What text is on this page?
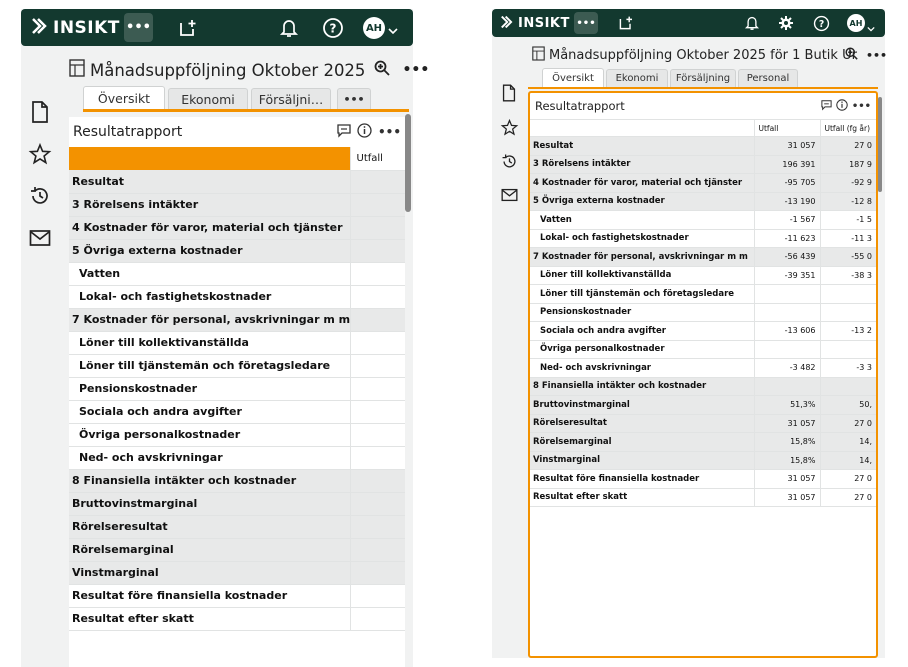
INSIKT •••	?	AH
Månadsuppföljning Oktober 2025	•••
Översikt	Ekonomi	Försäljni…	•••
Resultatrapport	•••
	Utfall
Resultat	
3 Rörelsens intäkter	
4 Kostnader för varor, material och tjänster	
5 Övriga externa kostnader	
Vatten	
Lokal- och fastighetskostnader	
7 Kostnader för personal, avskrivningar m m	
Löner till kollektivanställda	
Löner till tjänstemän och företagsledare	
Pensionskostnader	
Sociala och andra avgifter	
Övriga personalkostnader	
Ned- och avskrivningar	
8 Finansiella intäkter och kostnader	
Bruttovinstmarginal	
Rörelseresultat	
Rörelsemarginal	
Vinstmarginal	
Resultat före finansiella kostnader	
Resultat efter skatt	
INSIKT •••	?	AH
Månadsuppföljning Oktober 2025 för 1 Butik Ur •••
Översikt	Ekonomi	Försäljning	Personal
Resultatrapport	•••
	Utfall	Utfall (fg år)
Resultat	31 057	27 0
3 Rörelsens intäkter	196 391	187 9
4 Kostnader för varor, material och tjänster	-95 705	-92 9
5 Övriga externa kostnader	-13 190	-12 8
Vatten	-1 567	-1 5
Lokal- och fastighetskostnader	-11 623	-11 3
7 Kostnader för personal, avskrivningar m m	-56 439	-55 0
Löner till kollektivanställda	-39 351	-38 3
Löner till tjänstemän och företagsledare		
Pensionskostnader		
Sociala och andra avgifter	-13 606	-13 2
Övriga personalkostnader		
Ned- och avskrivningar	-3 482	-3 3
8 Finansiella intäkter och kostnader		
Bruttovinstmarginal	51,3%	50,
Rörelseresultat	31 057	27 0
Rörelsemarginal	15,8%	14,
Vinstmarginal	15,8%	14,
Resultat före finansiella kostnader	31 057	27 0
Resultat efter skatt	31 057	27 0
